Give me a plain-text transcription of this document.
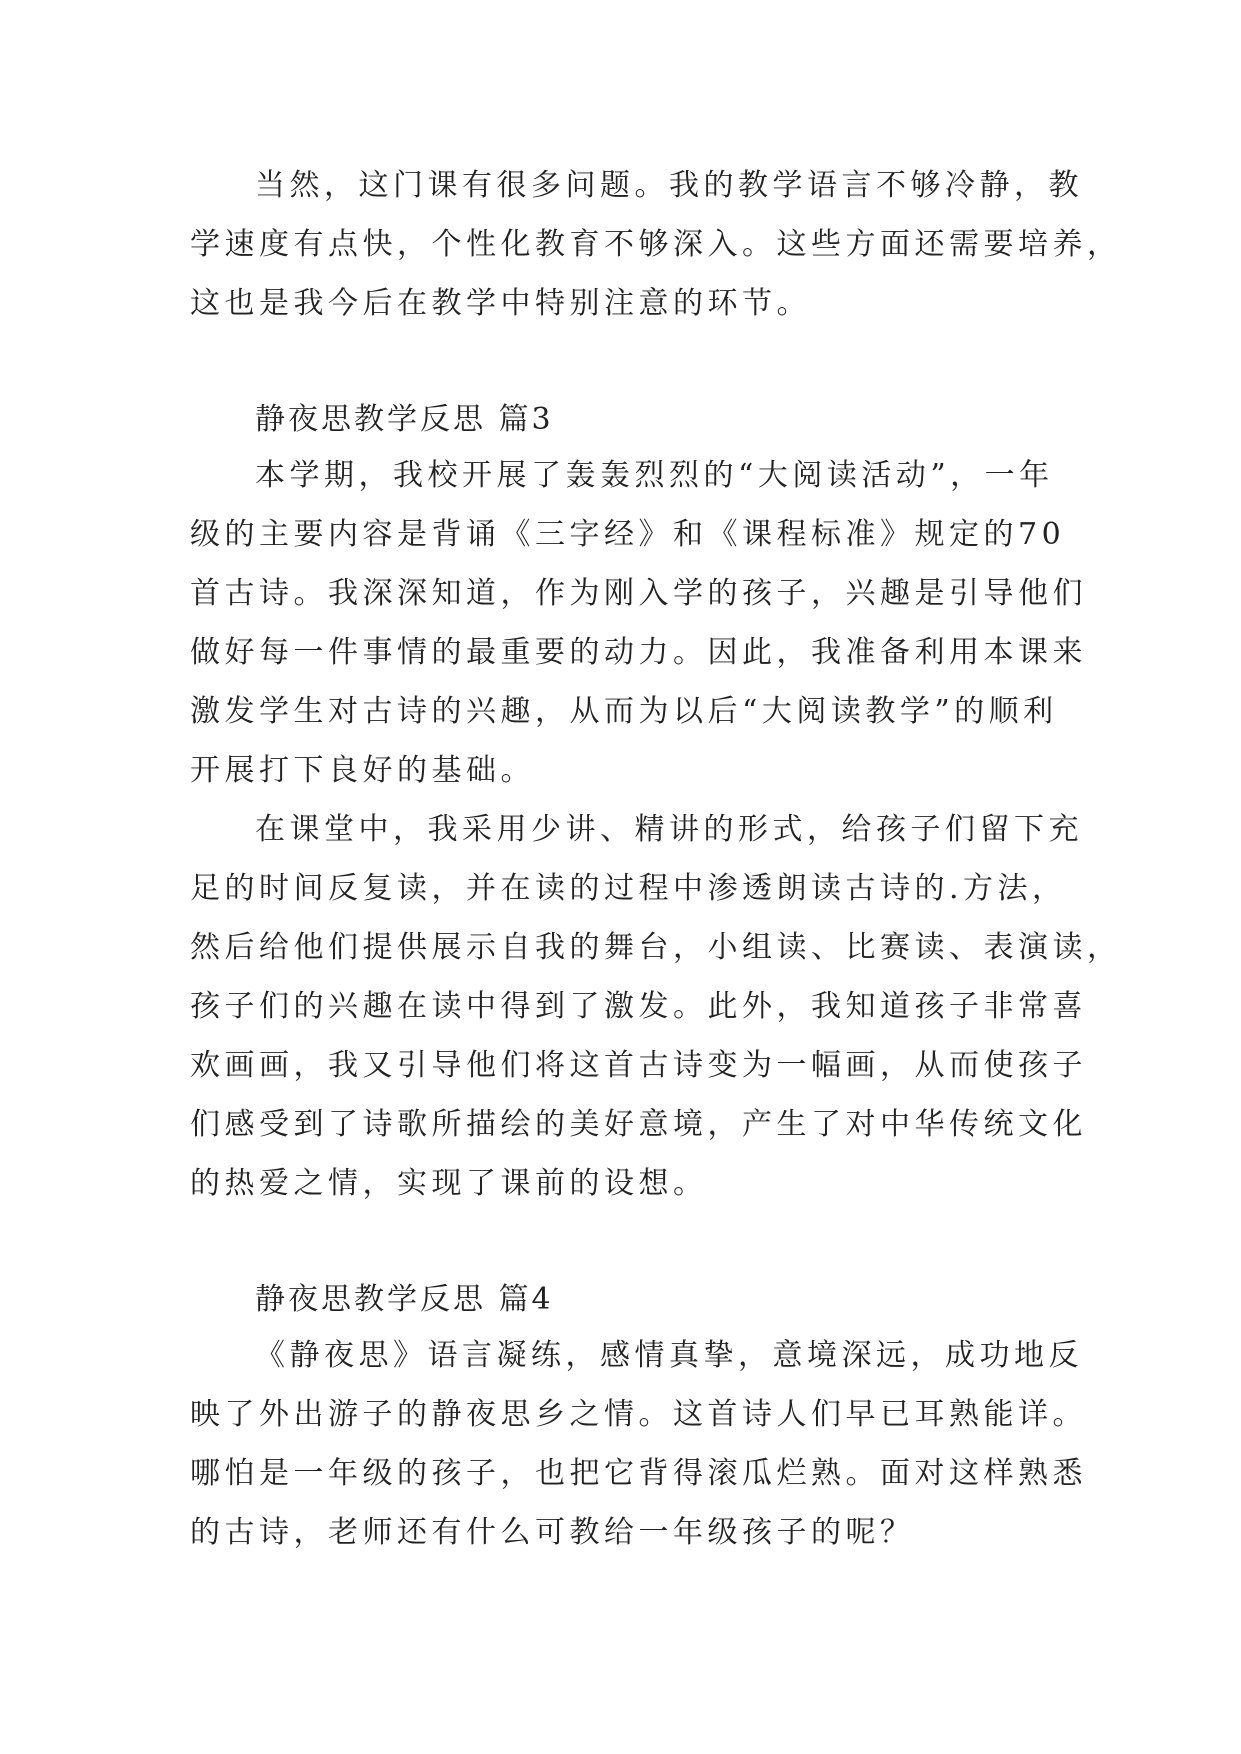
当然，这门课有很多问题。我的教学语言不够冷静，教

学速度有点快，个性化教育不够深入。这些方面还需要培养，

这也是我今后在教学中特别注意的环节。

静夜思教学反思 篇3

本学期，我校开展了轰轰烈烈的“大阅读活动”，一年

级的主要内容是背诵《三字经》和《课程标准》规定的70

首古诗。我深深知道，作为刚入学的孩子，兴趣是引导他们

做好每一件事情的最重要的动力。因此，我准备利用本课来

激发学生对古诗的兴趣，从而为以后“大阅读教学”的顺利

开展打下良好的基础。

在课堂中，我采用少讲、精讲的形式，给孩子们留下充

足的时间反复读，并在读的过程中渗透朗读古诗的.方法，

然后给他们提供展示自我的舞台，小组读、比赛读、表演读，

孩子们的兴趣在读中得到了激发。此外，我知道孩子非常喜

欢画画，我又引导他们将这首古诗变为一幅画，从而使孩子

们感受到了诗歌所描绘的美好意境，产生了对中华传统文化

的热爱之情，实现了课前的设想。

静夜思教学反思 篇4

《静夜思》语言凝练，感情真挚，意境深远，成功地反

映了外出游子的静夜思乡之情。这首诗人们早已耳熟能详。

哪怕是一年级的孩子，也把它背得滚瓜烂熟。面对这样熟悉

的古诗，老师还有什么可教给一年级孩子的呢？
